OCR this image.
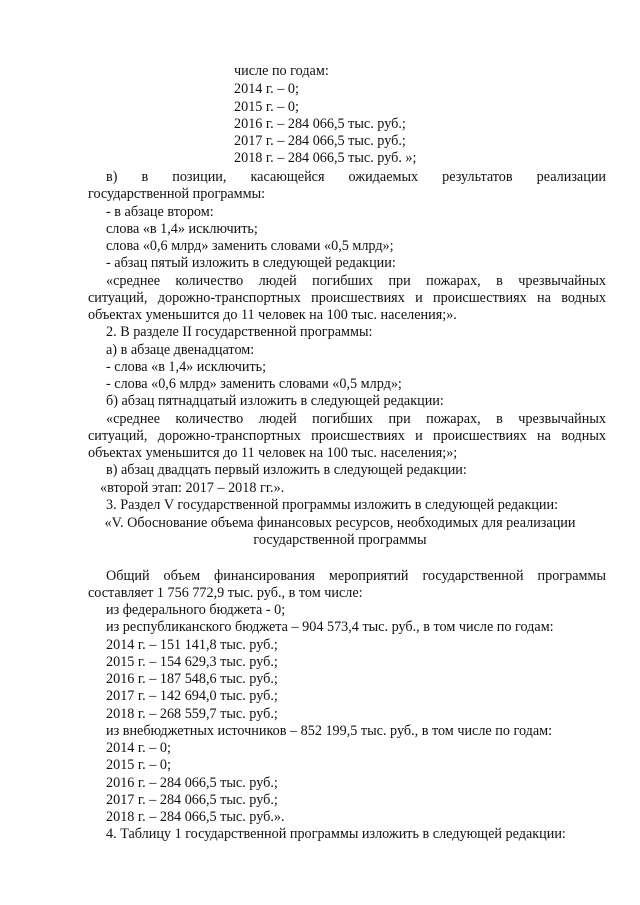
числе по годам:
2014 г. – 0;
2015 г. – 0;
2016 г. – 284 066,5 тыс. руб.;
2017 г. – 284 066,5 тыс. руб.;
2018 г. – 284 066,5 тыс. руб. »;
в) в позиции, касающейся ожидаемых результатов реализации
государственной программы:
- в абзаце втором:
слова «в 1,4» исключить;
слова «0,6 млрд» заменить словами «0,5 млрд»;
- абзац пятый изложить в следующей редакции:
«среднее количество людей погибших при пожарах, в чрезвычайных
ситуаций, дорожно-транспортных происшествиях и происшествиях на водных
объектах уменьшится до 11 человек на 100 тыс. населения;».
2. В разделе II государственной программы:
а) в абзаце двенадцатом:
- слова «в 1,4» исключить;
- слова «0,6 млрд» заменить словами «0,5 млрд»;
б) абзац пятнадцатый изложить в следующей редакции:
«среднее количество людей погибших при пожарах, в чрезвычайных
ситуаций, дорожно-транспортных происшествиях и происшествиях на водных
объектах уменьшится до 11 человек на 100 тыс. населения;»;
в) абзац двадцать первый изложить в следующей редакции:
«второй этап: 2017 – 2018 гг.».
3. Раздел V государственной программы изложить в следующей редакции:
«V. Обоснование объема финансовых ресурсов, необходимых для реализации
государственной программы
Общий объем финансирования мероприятий государственной программы
составляет 1 756 772,9 тыс. руб., в том числе:
из федерального бюджета - 0;
из республиканского бюджета – 904 573,4 тыс. руб., в том числе по годам:
2014 г. – 151 141,8 тыс. руб.;
2015 г. – 154 629,3 тыс. руб.;
2016 г. – 187 548,6 тыс. руб.;
2017 г. – 142 694,0 тыс. руб.;
2018 г. – 268 559,7 тыс. руб.;
из внебюджетных источников – 852 199,5 тыс. руб., в том числе по годам:
2014 г. – 0;
2015 г. – 0;
2016 г. – 284 066,5 тыс. руб.;
2017 г. – 284 066,5 тыс. руб.;
2018 г. – 284 066,5 тыс. руб.».
4. Таблицу 1 государственной программы изложить в следующей редакции:
